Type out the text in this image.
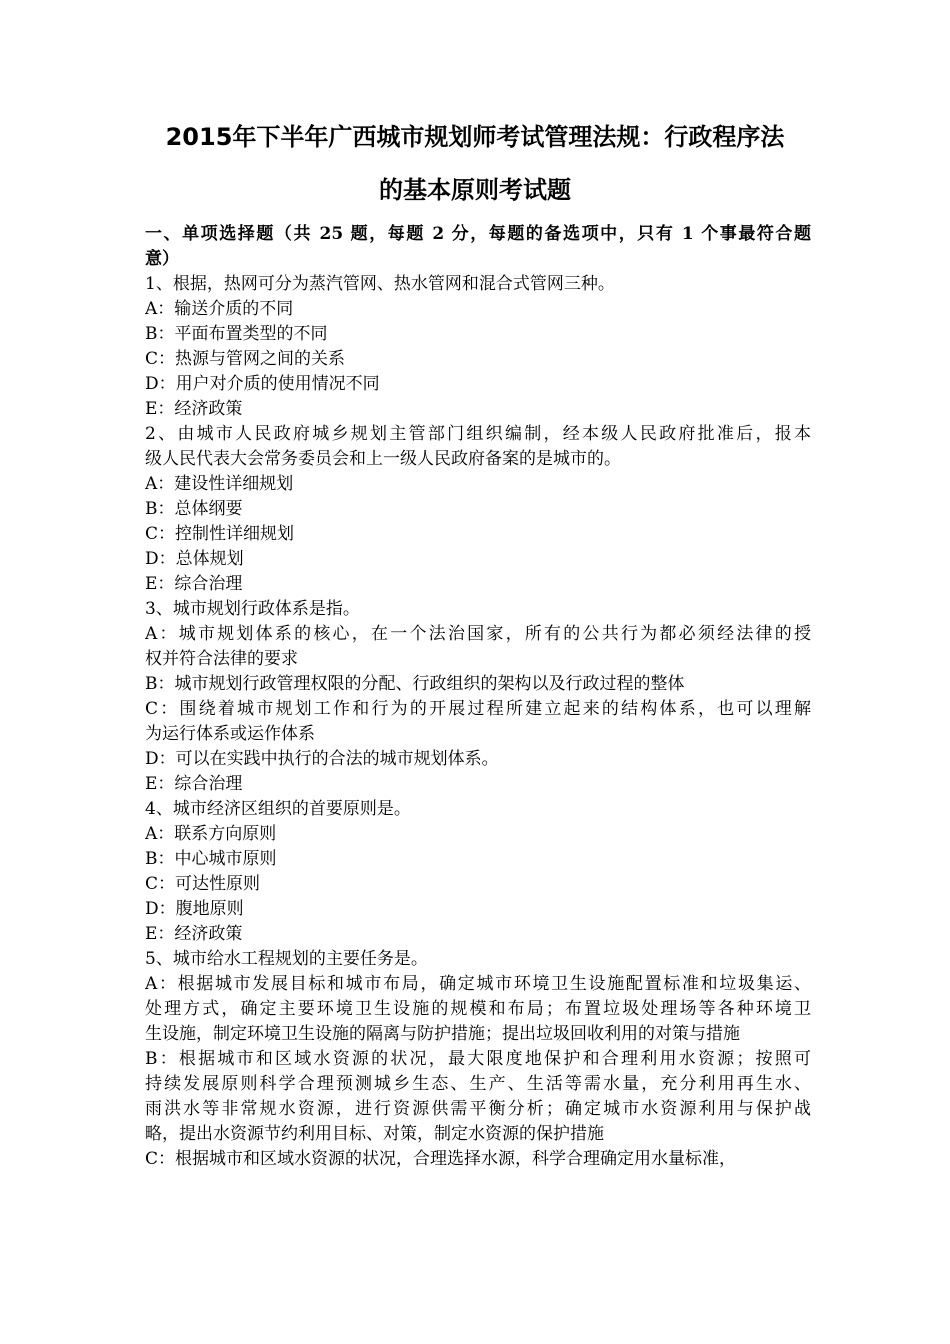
2015年下半年广西城市规划师考试管理法规：行政程序法
的基本原则考试题
一、单项选择题（共 25 题，每题 2 分，每题的备选项中，只有 1 个事最符合题
意）
1、根据，热网可分为蒸汽管网、热水管网和混合式管网三种。
A：输送介质的不同
B：平面布置类型的不同
C：热源与管网之间的关系
D：用户对介质的使用情况不同
E：经济政策
2、由城市人民政府城乡规划主管部门组织编制，经本级人民政府批准后，报本
级人民代表大会常务委员会和上一级人民政府备案的是城市的。
A：建设性详细规划
B：总体纲要
C：控制性详细规划
D：总体规划
E：综合治理
3、城市规划行政体系是指。
A：城市规划体系的核心，在一个法治国家，所有的公共行为都必须经法律的授
权并符合法律的要求
B：城市规划行政管理权限的分配、行政组织的架构以及行政过程的整体
C：围绕着城市规划工作和行为的开展过程所建立起来的结构体系，也可以理解
为运行体系或运作体系
D：可以在实践中执行的合法的城市规划体系。
E：综合治理
4、城市经济区组织的首要原则是。
A：联系方向原则
B：中心城市原则
C：可达性原则
D：腹地原则
E：经济政策
5、城市给水工程规划的主要任务是。
A：根据城市发展目标和城市布局，确定城市环境卫生设施配置标准和垃圾集运、
处理方式，确定主要环境卫生设施的规模和布局；布置垃圾处理场等各种环境卫
生设施，制定环境卫生设施的隔离与防护措施；提出垃圾回收利用的对策与措施
B：根据城市和区域水资源的状况，最大限度地保护和合理利用水资源；按照可
持续发展原则科学合理预测城乡生态、生产、生活等需水量，充分利用再生水、
雨洪水等非常规水资源，进行资源供需平衡分析；确定城市水资源利用与保护战
略，提出水资源节约利用目标、对策，制定水资源的保护措施
C：根据城市和区域水资源的状况，合理选择水源，科学合理确定用水量标准，
